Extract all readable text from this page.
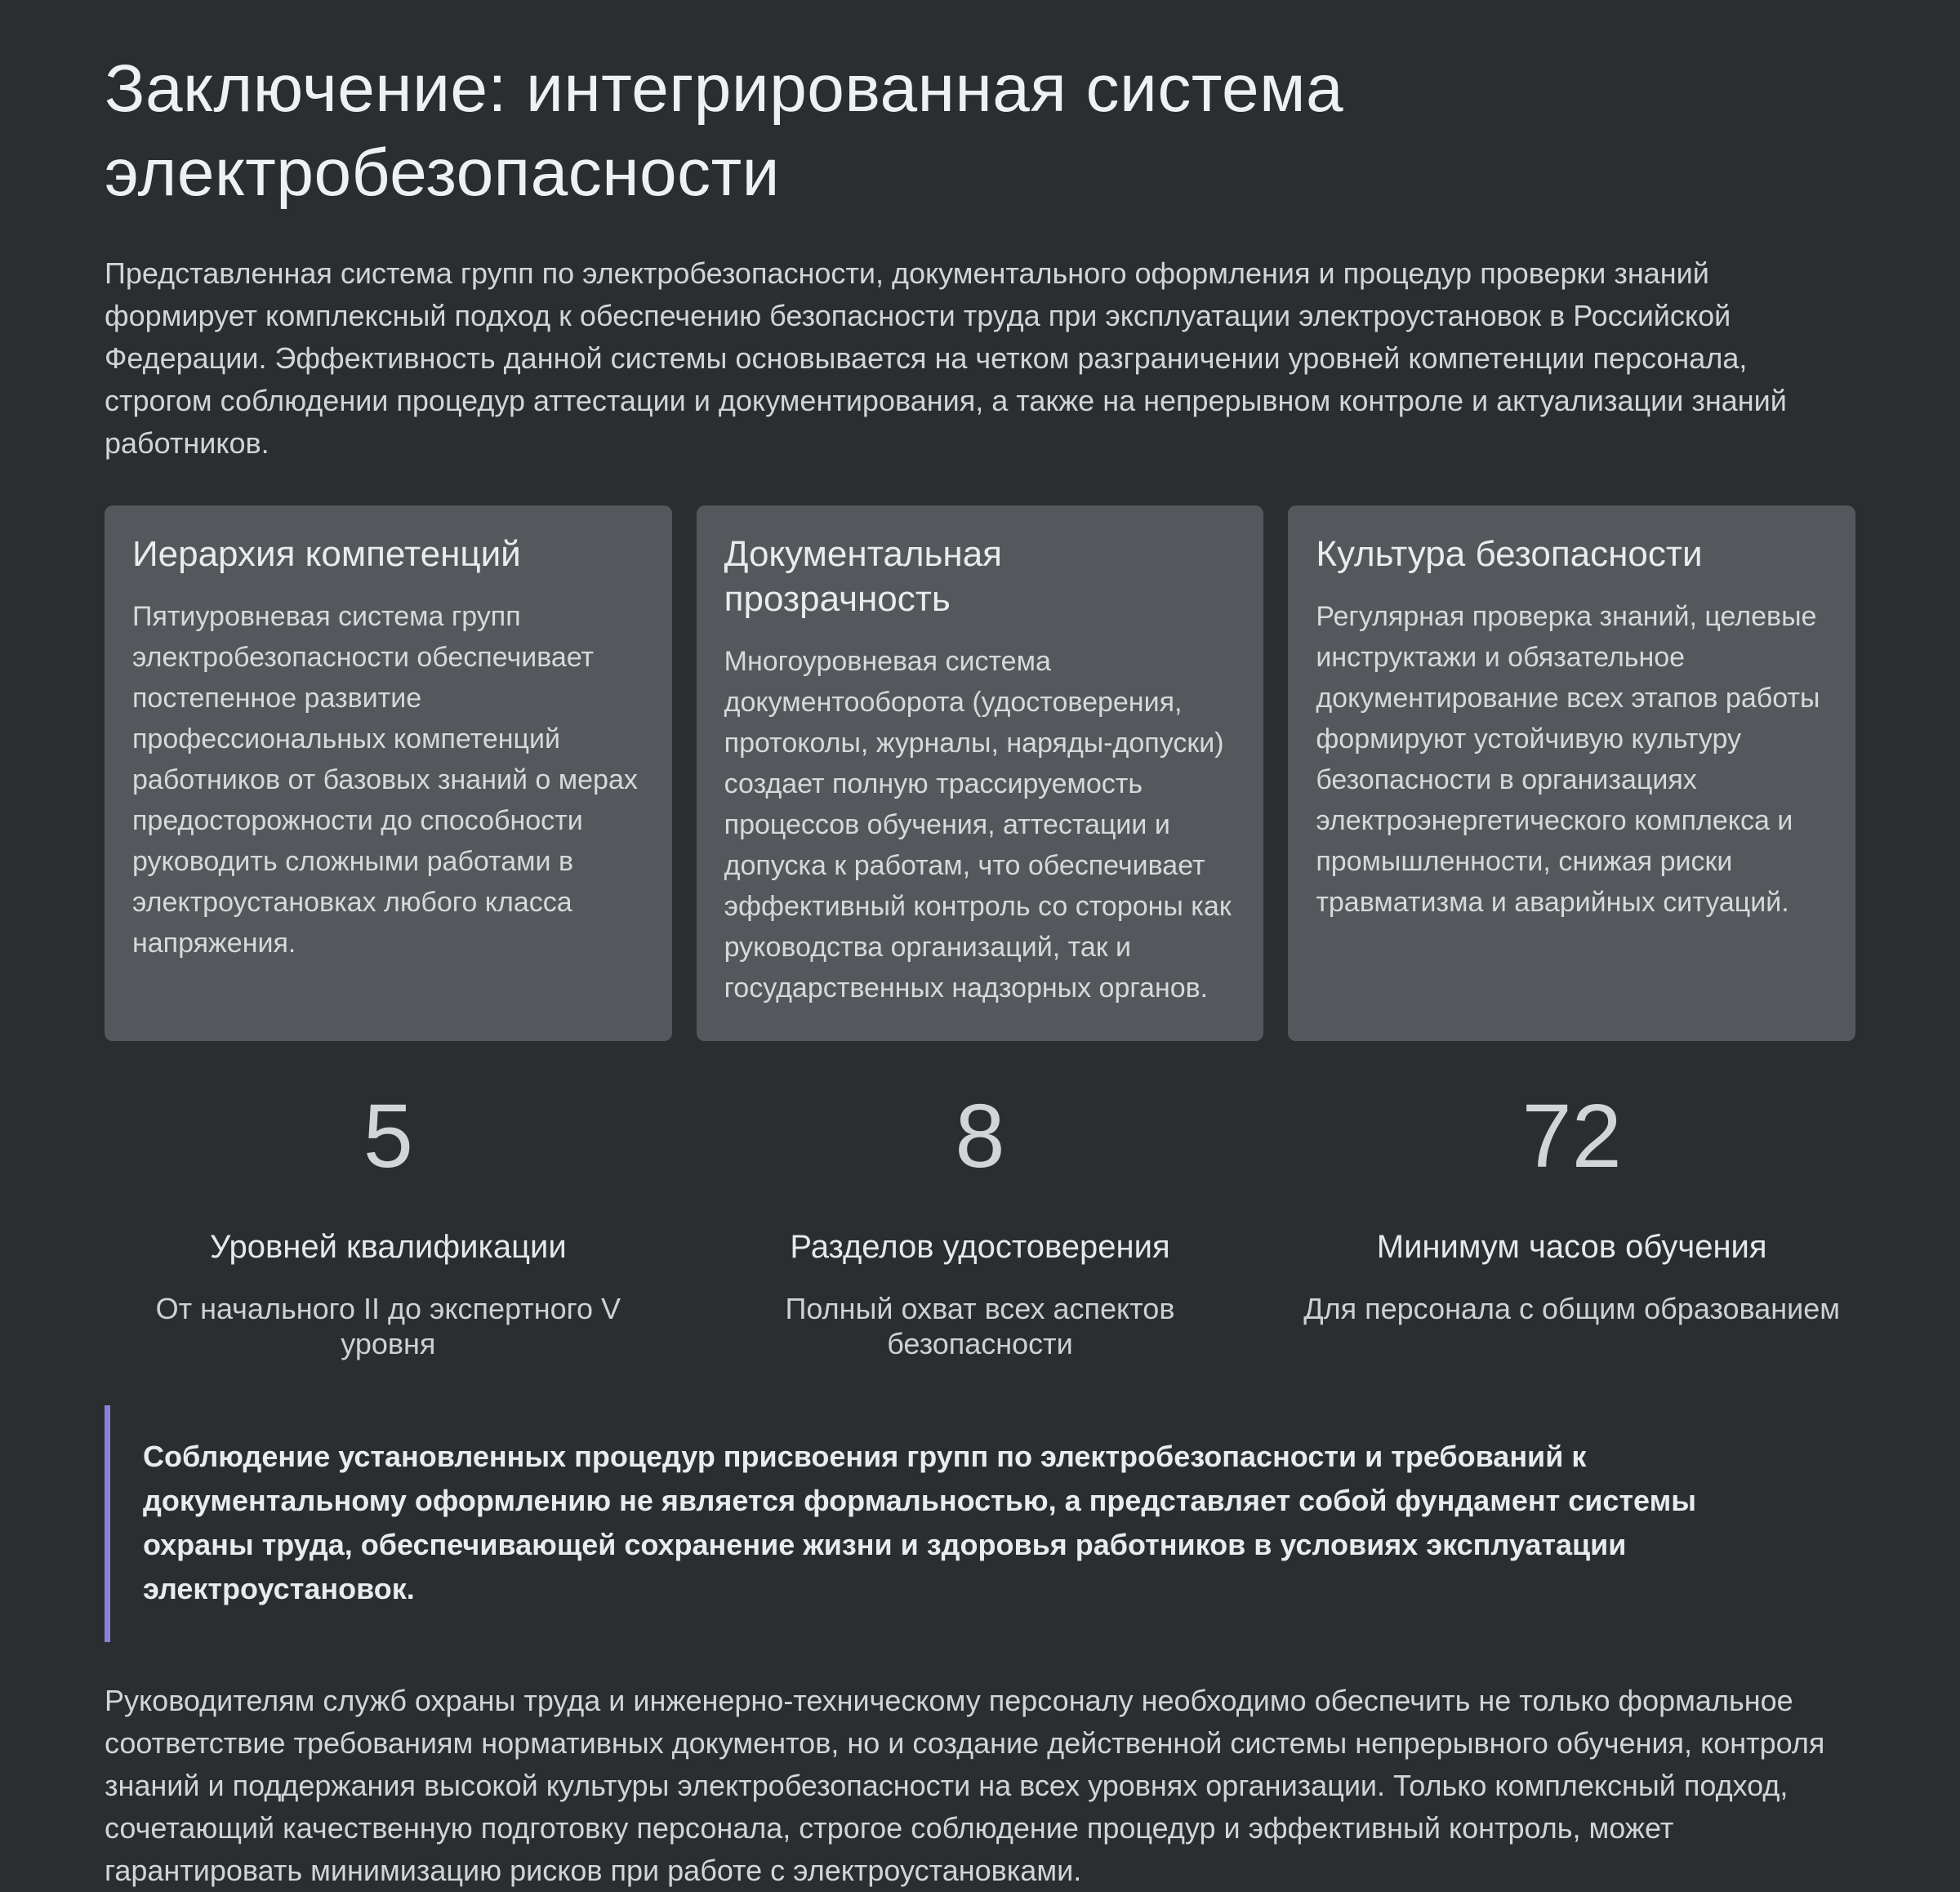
Заключение: интегрированная система электробезопасности

Представленная система групп по электробезопасности, документального оформления и процедур проверки знаний формирует комплексный подход к обеспечению безопасности труда при эксплуатации электроустановок в Российской Федерации. Эффективность данной системы основывается на четком разграничении уровней компетенции персонала, строгом соблюдении процедур аттестации и документирования, а также на непрерывном контроле и актуализации знаний работников.

Иерархия компетенций

Пятиуровневая система групп электробезопасности обеспечивает постепенное развитие профессиональных компетенций работников от базовых знаний о мерах предосторожности до способности руководить сложными работами в электроустановках любого класса напряжения.

Документальная прозрачность

Многоуровневая система документооборота (удостоверения, протоколы, журналы, наряды-допуски) создает полную трассируемость процессов обучения, аттестации и допуска к работам, что обеспечивает эффективный контроль со стороны как руководства организаций, так и государственных надзорных органов.

Культура безопасности

Регулярная проверка знаний, целевые инструктажи и обязательное документирование всех этапов работы формируют устойчивую культуру безопасности в организациях электроэнергетического комплекса и промышленности, снижая риски травматизма и аварийных ситуаций.

5
Уровней квалификации
От начального II до экспертного V уровня
8
Разделов удостоверения
Полный охват всех аспектов безопасности
72
Минимум часов обучения
Для персонала с общим образованием

Соблюдение установленных процедур присвоения групп по электробезопасности и требований к документальному оформлению не является формальностью, а представляет собой фундамент системы охраны труда, обеспечивающей сохранение жизни и здоровья работников в условиях эксплуатации электроустановок.

Руководителям служб охраны труда и инженерно-техническому персоналу необходимо обеспечить не только формальное соответствие требованиям нормативных документов, но и создание действенной системы непрерывного обучения, контроля знаний и поддержания высокой культуры электробезопасности на всех уровнях организации. Только комплексный подход, сочетающий качественную подготовку персонала, строгое соблюдение процедур и эффективный контроль, может гарантировать минимизацию рисков при работе с электроустановками.
